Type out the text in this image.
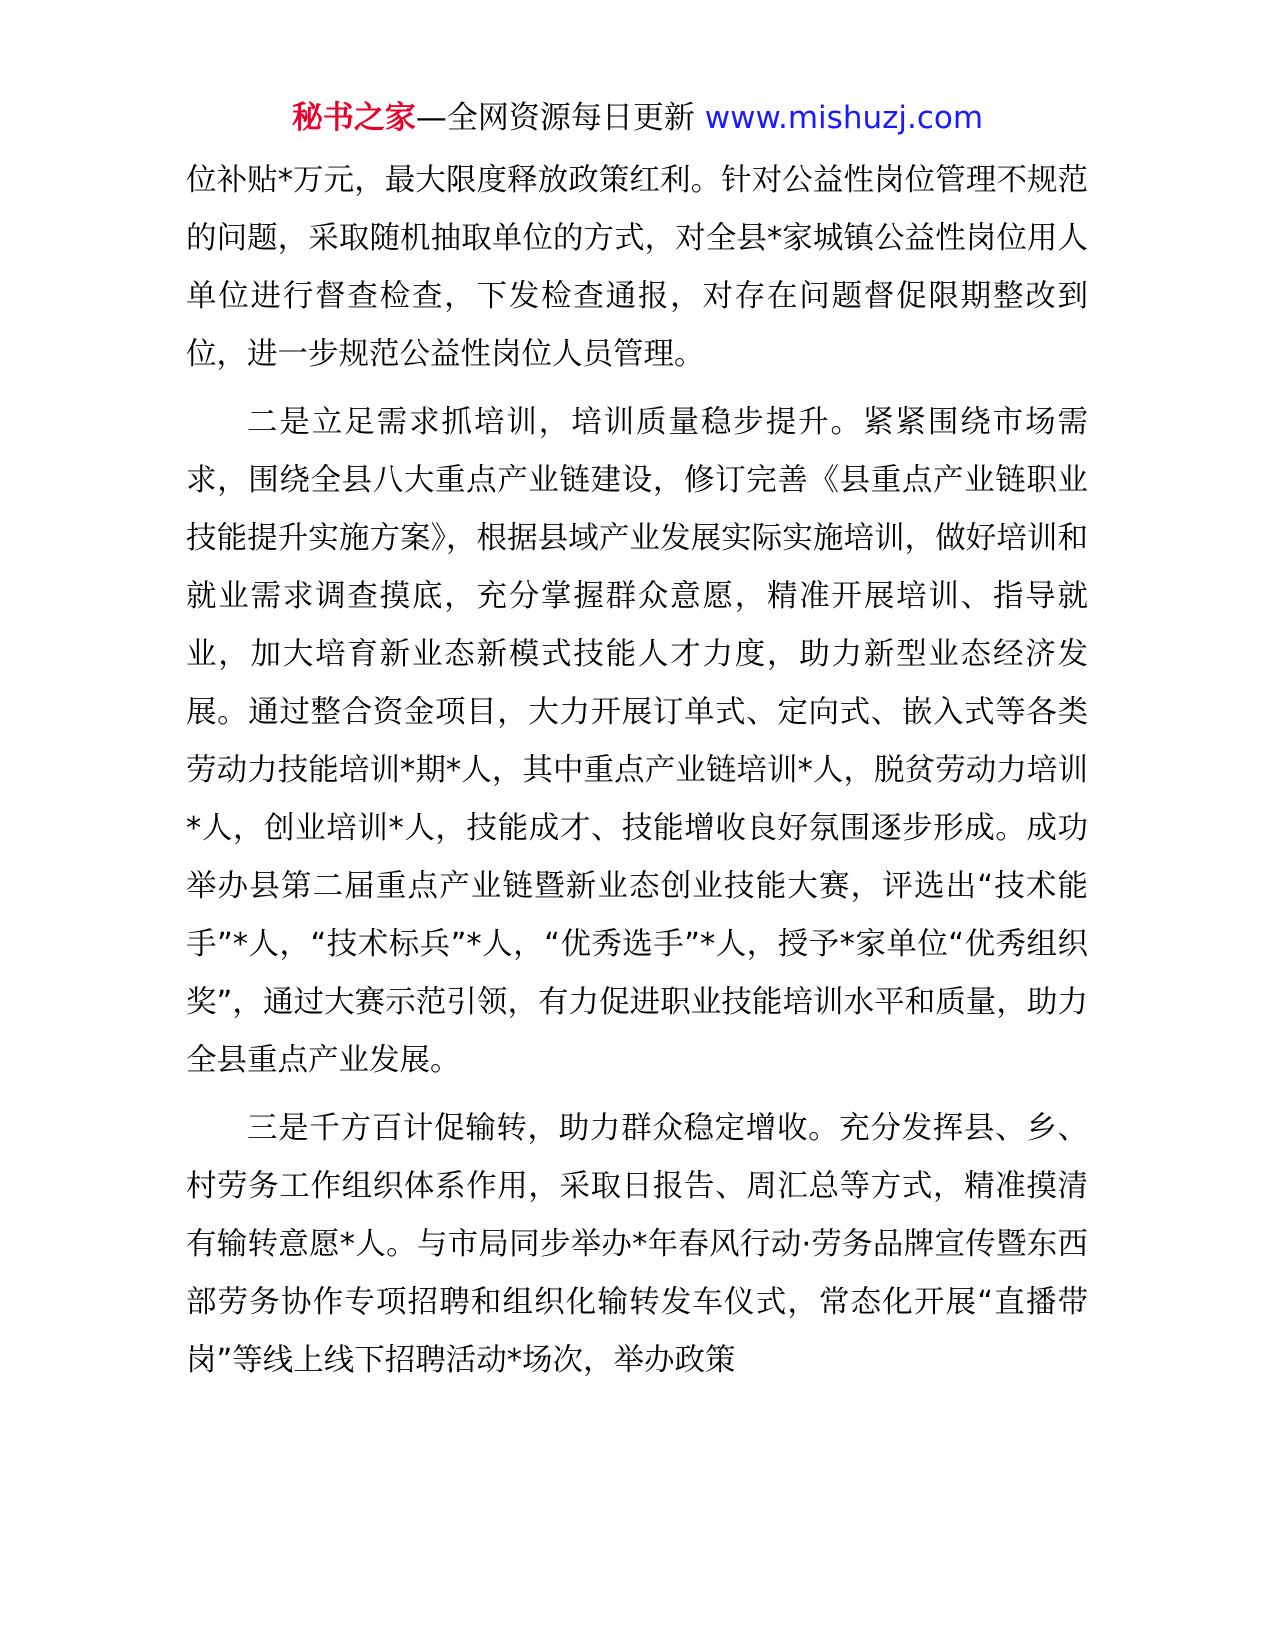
秘书之家—全网资源每日更新 www.mishuzj.com

位补贴*万元，最大限度释放政策红利。针对公益性岗位管理不规范的问题，采取随机抽取单位的方式，对全县*家城镇公益性岗位用人单位进行督查检查，下发检查通报，对存在问题督促限期整改到位，进一步规范公益性岗位人员管理。

二是立足需求抓培训，培训质量稳步提升。紧紧围绕市场需求，围绕全县八大重点产业链建设，修订完善《县重点产业链职业技能提升实施方案》，根据县域产业发展实际实施培训，做好培训和就业需求调查摸底，充分掌握群众意愿，精准开展培训、指导就业，加大培育新业态新模式技能人才力度，助力新型业态经济发展。通过整合资金项目，大力开展订单式、定向式、嵌入式等各类劳动力技能培训*期*人，其中重点产业链培训*人，脱贫劳动力培训*人，创业培训*人，技能成才、技能增收良好氛围逐步形成。成功举办县第二届重点产业链暨新业态创业技能大赛，评选出“技术能手”*人，“技术标兵”*人，“优秀选手”*人，授予*家单位“优秀组织奖”，通过大赛示范引领，有力促进职业技能培训水平和质量，助力全县重点产业发展。

三是千方百计促输转，助力群众稳定增收。充分发挥县、乡、村劳务工作组织体系作用，采取日报告、周汇总等方式，精准摸清有输转意愿*人。与市局同步举办*年春风行动·劳务品牌宣传暨东西部劳务协作专项招聘和组织化输转发车仪式，常态化开展“直播带岗”等线上线下招聘活动*场次，举办政策
